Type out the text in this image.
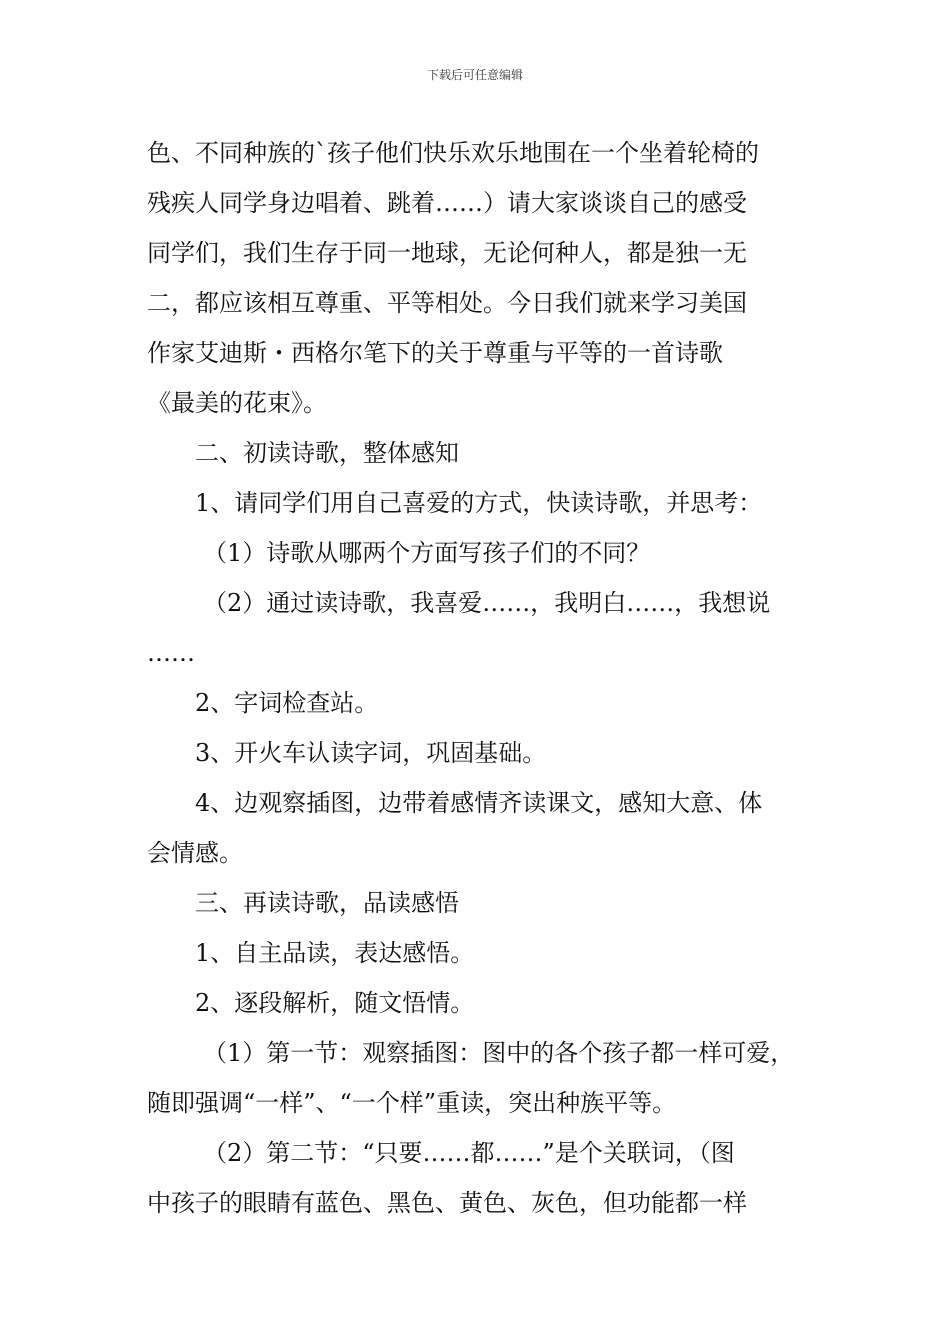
下载后可任意编辑

色、不同种族的`孩子他们快乐欢乐地围在一个坐着轮椅的

残疾人同学身边唱着、跳着……）请大家谈谈自己的感受

同学们，我们生存于同一地球，无论何种人，都是独一无

二，都应该相互尊重、平等相处。今日我们就来学习美国

作家艾迪斯・西格尔笔下的关于尊重与平等的一首诗歌

《最美的花束》。

二、初读诗歌，整体感知

1、请同学们用自己喜爱的方式，快读诗歌，并思考：

（1）诗歌从哪两个方面写孩子们的不同？

（2）通过读诗歌，我喜爱……，我明白……，我想说

……

2、字词检查站。

3、开火车认读字词，巩固基础。

4、边观察插图，边带着感情齐读课文，感知大意、体

会情感。

三、再读诗歌，品读感悟

1、自主品读，表达感悟。

2、逐段解析，随文悟情。

（1）第一节：观察插图：图中的各个孩子都一样可爱，

随即强调“一样”、“一个样”重读，突出种族平等。

（2）第二节：“只要……都……”是个关联词，（图

中孩子的眼睛有蓝色、黑色、黄色、灰色，但功能都一样
